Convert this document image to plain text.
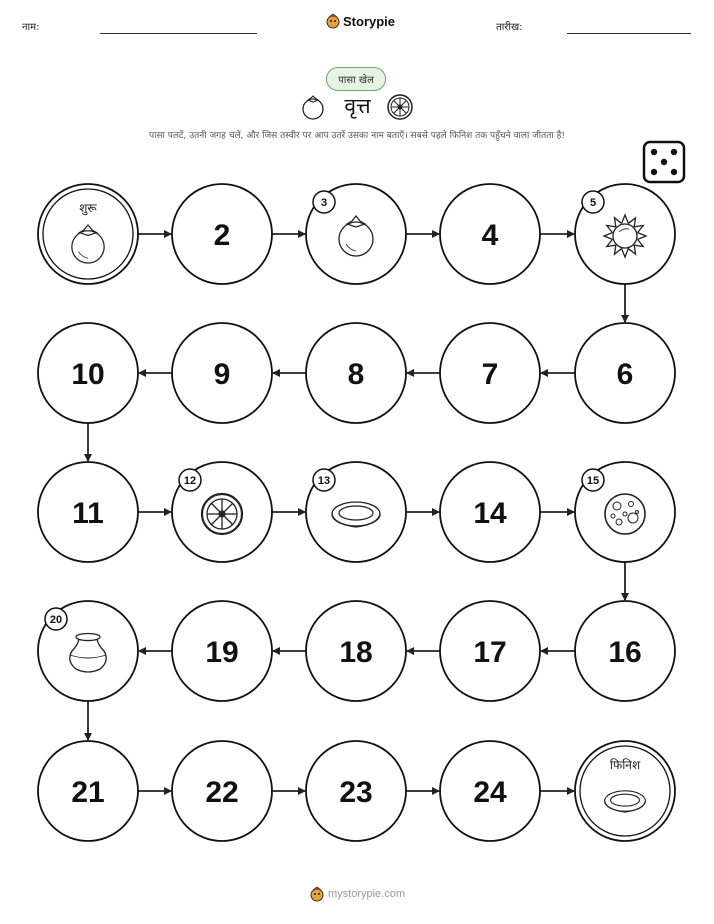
नाम:	Storypie	तारीख:
पासा खेल
वृत्त
पासा पलटें, उतनी जगह चलें, और जिस तस्वीर पर आप उतरें उसका नाम बताएँ। सबसे पहले फिनिश तक पहुँचने वाला जीतता है!
शुरू
2
3
4
5
6
7
8
9
10
11
12	13
14
15
16
17
18
19
20
21	22	23	24
फिनिश
mystorypie.com
